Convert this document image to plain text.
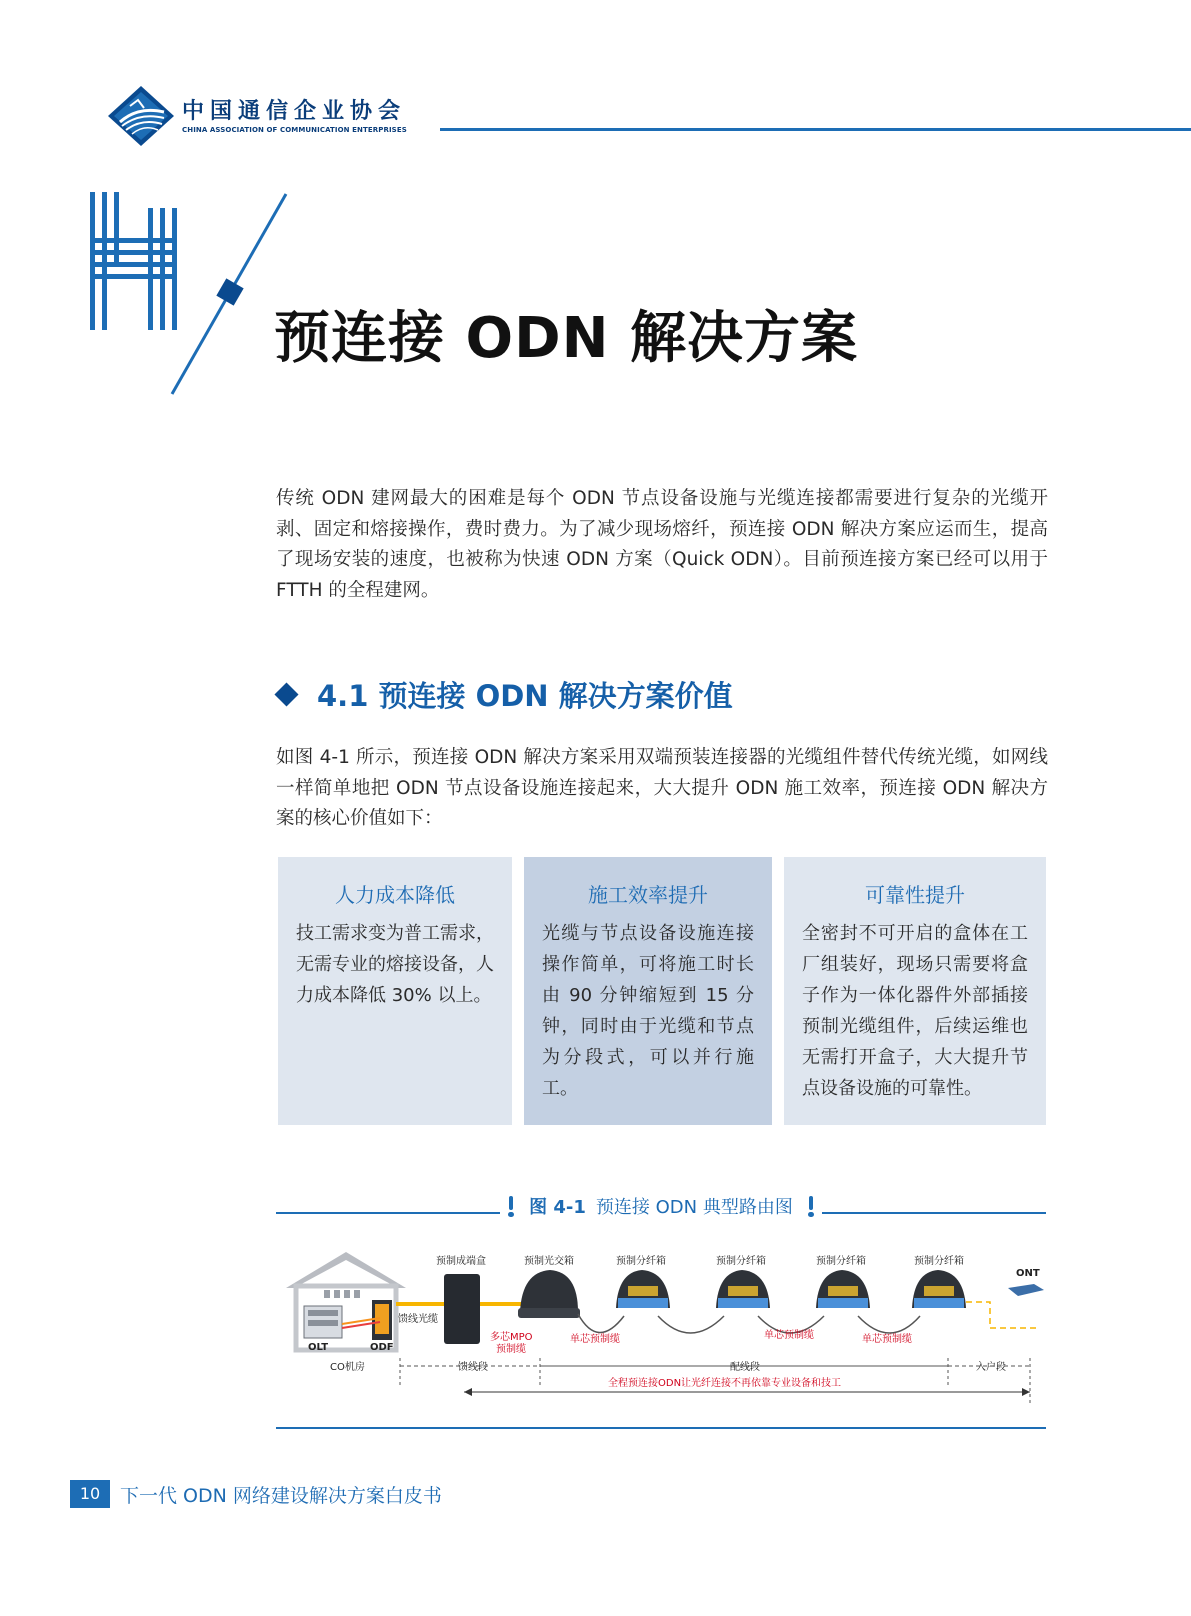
中国通信企业协会
CHINA ASSOCIATION OF COMMUNICATION ENTERPRISES
预连接 ODN 解决方案

传统 ODN 建网最大的困难是每个 ODN 节点设备设施与光缆连接都需要进行复杂的光缆开剥、固定和熔接操作，费时费力。为了减少现场熔纤，预连接 ODN 解决方案应运而生，提高了现场安装的速度，也被称为快速 ODN 方案（Quick ODN）。目前预连接方案已经可以用于 FTTH 的全程建网。

4.1 预连接 ODN 解决方案价值

如图 4-1 所示，预连接 ODN 解决方案采用双端预装连接器的光缆组件替代传统光缆，如网线一样简单地把 ODN 节点设备设施连接起来，大大提升 ODN 施工效率，预连接 ODN 解决方案的核心价值如下：

人力成本降低
技工需求变为普工需求，无需专业的熔接设备，人力成本降低 30% 以上。
施工效率提升
光缆与节点设备设施连接操作简单，可将施工时长由 90 分钟缩短到 15 分钟，同时由于光缆和节点为分段式，可以并行施工。
可靠性提升
全密封不可开启的盒体在工厂组装好，现场只需要将盒子作为一体化器件外部插接预制光缆组件，后续运维也无需打开盒子，大大提升节点设备设施的可靠性。
图 4-1 预连接 ODN 典型路由图
OLT	ODF
CO机房
馈线光缆
预制成端盒
多芯MPO
预制缆
预制光交箱	预制分纤箱	预制分纤箱	预制分纤箱	预制分纤箱
单芯预制缆	单芯预制缆	单芯预制缆
ONT
馈线段	配线段	入户段
全程预连接ODN让光纤连接不再依靠专业设备和技工
10	下一代 ODN 网络建设解决方案白皮书
